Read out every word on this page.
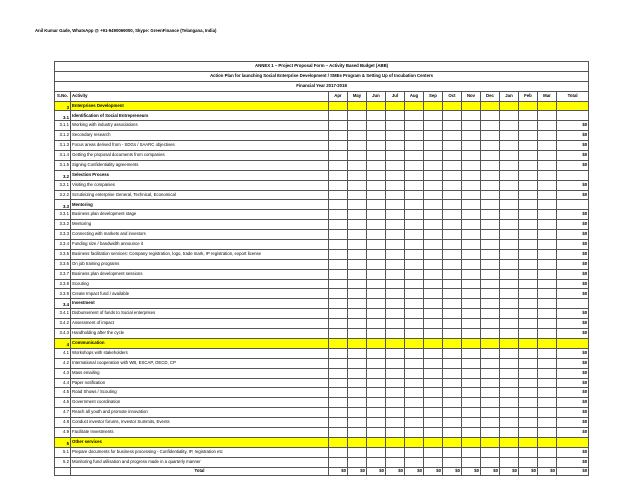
Anil Kumar Gade, WhatsApp @ +91-9490069000, Skype: GreenFinance (Telangana, India)
ANNEX 1 – Project Proposal Form – Activity Based Budget (ABB)														
Action Plan for launching Social Enterprise Development / SMEs Program & Setting Up of Incubation Centers														
Financial Year 2017-2018														
S.No.	Activity	Apr	May	Jun	Jul	Aug	Sep	Oct	Nov	Dec	Jan	Feb	Mar	Total
3	Enterprises Development													
3.1	Identification of Social Entrepreneurs													
3.1.1	Working with industry associations													$0
3.1.2	Secondary research													$0
3.1.3	Focus areas derived from - SDGs / SAARC objectives													$0
3.1.4	Getting the proposal documents from companies													$0
3.1.5	Signing Confidentiality agreements													$0
3.2	Selection Process													
3.2.1	Visiting the companies													$0
3.2.2	Scrutinizing enterprise General, Technical, Economical													$0
3.3	Mentoring													
3.3.1	Business plan development stage													$0
3.3.2	Mentoring													$0
3.3.3	Connecting with markets and investors													$0
3.3.4	Funding size / bandwidth announce it													$0
3.3.5	Business facilitation services: Company registration, logo, trade mark, IP registration, export license													$0
3.3.6	On job training programs													$0
3.3.7	Business plan development sessions													$0
3.3.8	Scouting													$0
3.3.9	Create Impact fund / available													$0
3.4	Investment													
3.4.1	Disbursement of funds to Social enterprises													$0
3.4.2	Assessment of impact													$0
3.4.3	Handholding after the cycle													$0
4	Communication													
4.1	Workshops with stakeholders													$0
4.2	International cooperation with WB, ESCAP, OECD, CP													$0
4.3	Mass emailing													$0
4.4	Paper notification													$0
4.5	Road Shows / Scouting													$0
4.6	Government coordination													$0
4.7	Reach all youth and promote innovation													$0
4.8	Conduct investor forums, Investor Summits, Events													$0
4.9	Facilitate Investments													$0
5	Other services													
5.1	Prepare documents for business processing - Confidentiality, IP, registration etc													$0
5.2	Monitoring fund utilisation and progress made in a quarterly manner													$0
	Total	$0	$0	$0	$0	$0	$0	$0	$0	$0	$0	$0	$0	$0
